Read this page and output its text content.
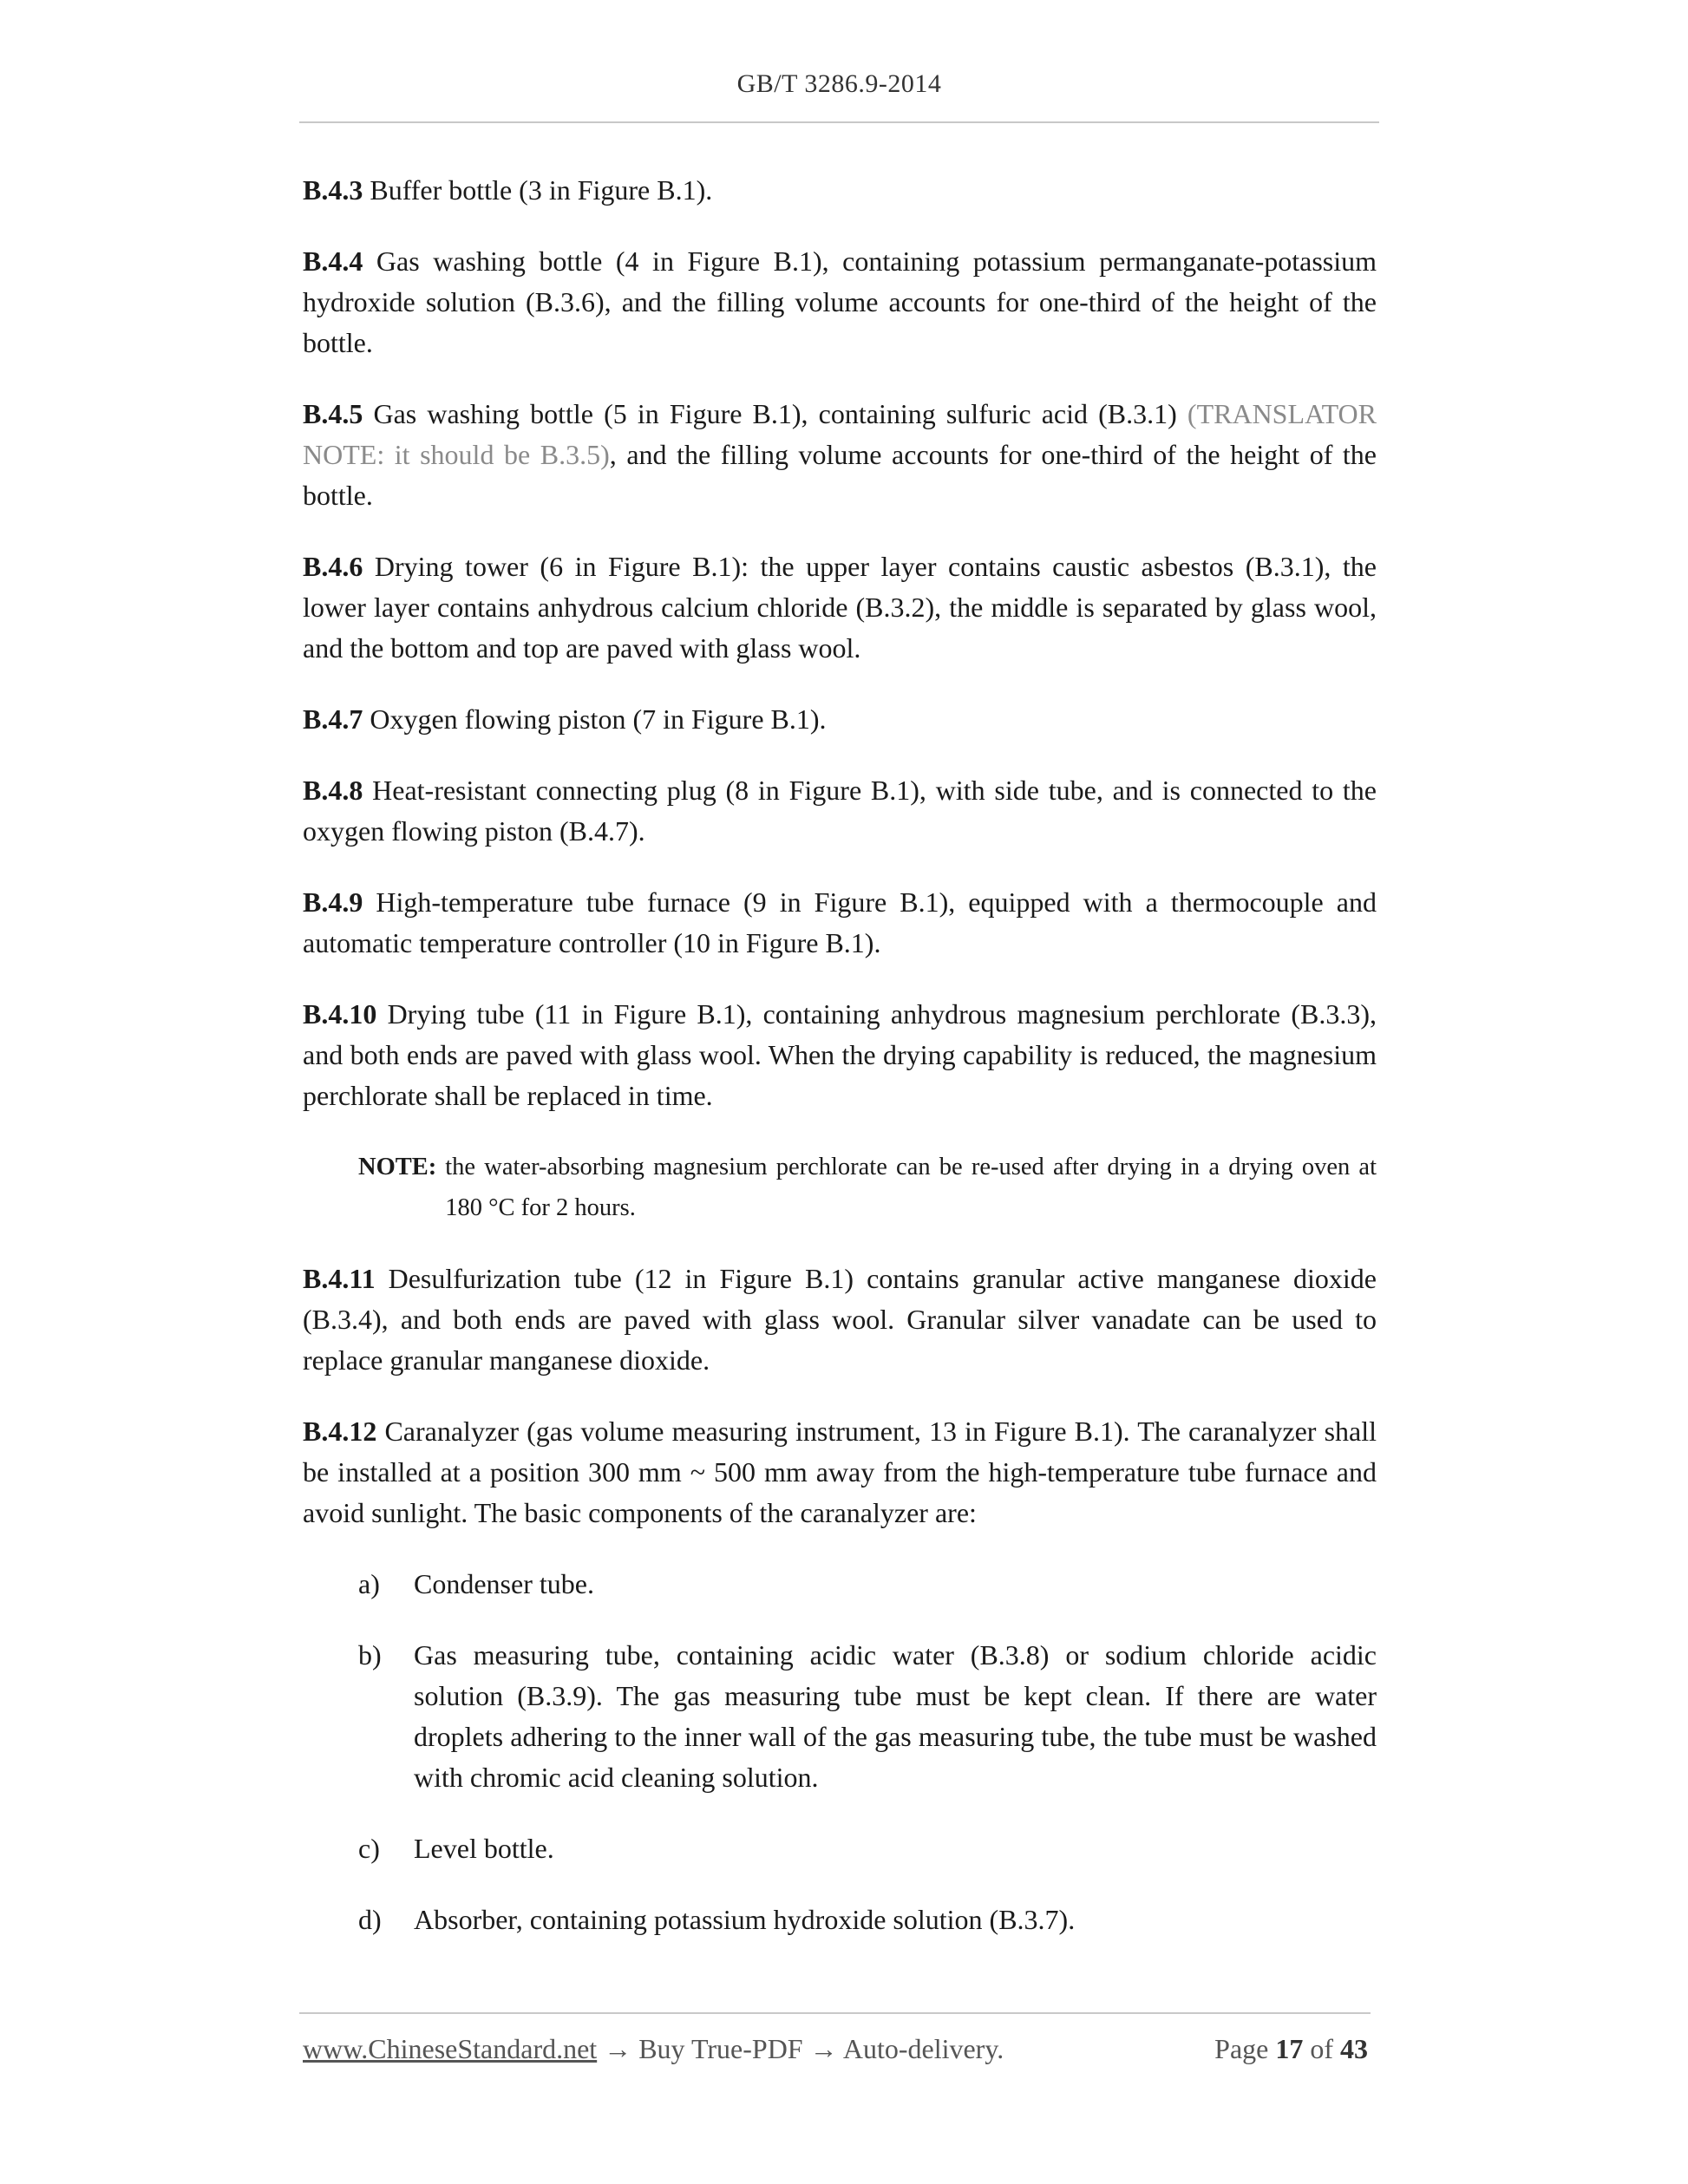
GB/T 3286.9-2014

B.4.3 Buffer bottle (3 in Figure B.1).

B.4.4 Gas washing bottle (4 in Figure B.1), containing potassium permanganate-potassium hydroxide solution (B.3.6), and the filling volume accounts for one-third of the height of the bottle.

B.4.5 Gas washing bottle (5 in Figure B.1), containing sulfuric acid (B.3.1) (TRANSLATOR NOTE: it should be B.3.5), and the filling volume accounts for one-third of the height of the bottle.

B.4.6 Drying tower (6 in Figure B.1): the upper layer contains caustic asbestos (B.3.1), the lower layer contains anhydrous calcium chloride (B.3.2), the middle is separated by glass wool, and the bottom and top are paved with glass wool.

B.4.7 Oxygen flowing piston (7 in Figure B.1).

B.4.8 Heat-resistant connecting plug (8 in Figure B.1), with side tube, and is connected to the oxygen flowing piston (B.4.7).

B.4.9 High-temperature tube furnace (9 in Figure B.1), equipped with a thermocouple and automatic temperature controller (10 in Figure B.1).

B.4.10 Drying tube (11 in Figure B.1), containing anhydrous magnesium perchlorate (B.3.3), and both ends are paved with glass wool. When the drying capability is reduced, the magnesium perchlorate shall be replaced in time.

NOTE: the water-absorbing magnesium perchlorate can be re-used after drying in a drying oven at 180 °C for 2 hours.

B.4.11 Desulfurization tube (12 in Figure B.1) contains granular active manganese dioxide (B.3.4), and both ends are paved with glass wool. Granular silver vanadate can be used to replace granular manganese dioxide.

B.4.12 Caranalyzer (gas volume measuring instrument, 13 in Figure B.1). The caranalyzer shall be installed at a position 300 mm ~ 500 mm away from the high-temperature tube furnace and avoid sunlight. The basic components of the caranalyzer are:

a)	Condenser tube.
b)	Gas measuring tube, containing acidic water (B.3.8) or sodium chloride acidic solution (B.3.9). The gas measuring tube must be kept clean. If there are water droplets adhering to the inner wall of the gas measuring tube, the tube must be washed with chromic acid cleaning solution.
c)	Level bottle.
d)	Absorber, containing potassium hydroxide solution (B.3.7).
www.ChineseStandard.net → Buy True-PDF → Auto-delivery.	Page 17 of 43
